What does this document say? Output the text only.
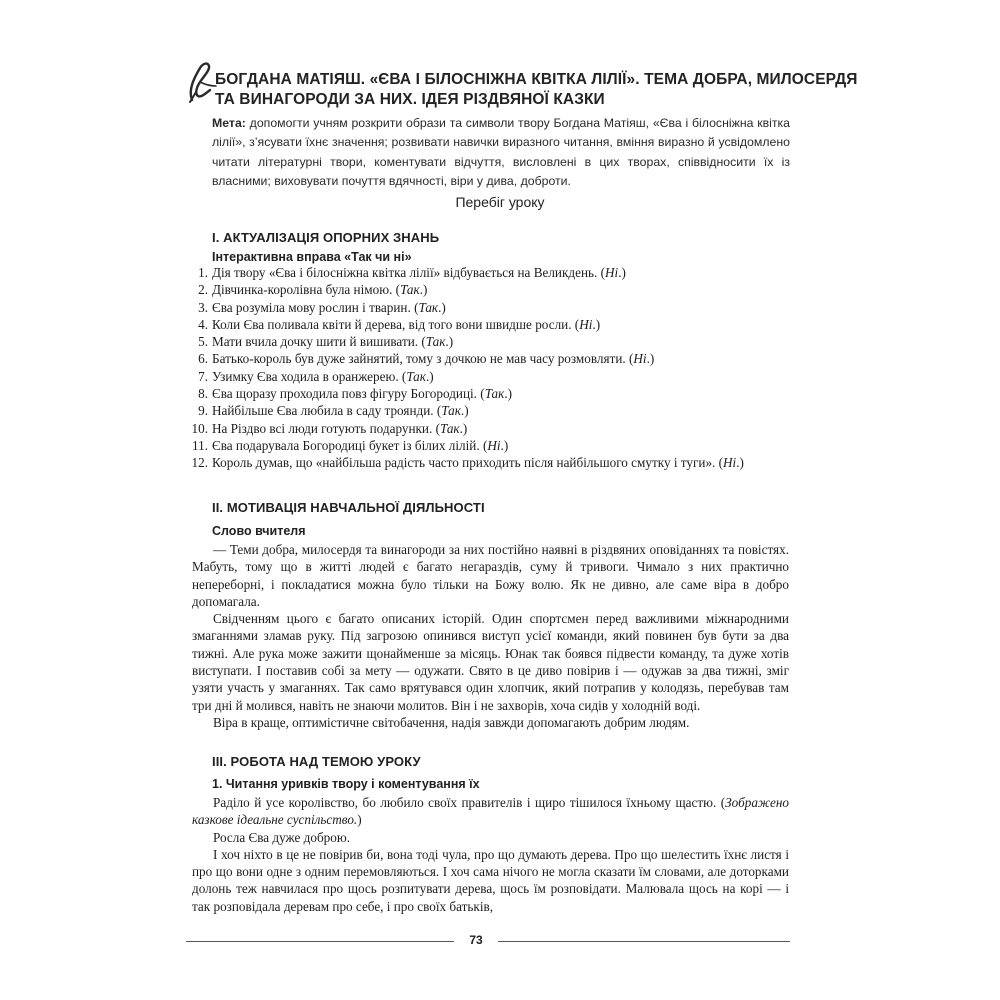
БОГДАНА МАТІЯШ. «ЄВА І БІЛОСНІЖНА КВІТКА ЛІЛІЇ». ТЕМА ДОБРА, МИЛОСЕРДЯ
ТА ВИНАГОРОДИ ЗА НИХ. ІДЕЯ РІЗДВЯНОЇ КАЗКИ

Мета: допомогти учням розкрити образи та символи твору Богдана Матіяш, «Єва і білосніжна квітка лілії», з’ясувати їхнє значення; розвивати навички виразного читання, вміння виразно й усвідомлено читати літературні твори, коментувати відчуття, висловлені в цих творах, співвідносити їх із власними; виховувати почуття вдячності, віри у дива, доброти.

Перебіг уроку
І. АКТУАЛІЗАЦІЯ ОПОРНИХ ЗНАНЬ
Інтерактивна вправа «Так чи ні»
1. Дія твору «Єва і білосніжна квітка лілії» відбувається на Великдень. (Ні.)
2. Дівчинка-королівна була німою. (Так.)
3. Єва розуміла мову рослин і тварин. (Так.)
4. Коли Єва поливала квіти й дерева, від того вони швидше росли. (Ні.)
5. Мати вчила дочку шити й вишивати. (Так.)
6. Батько-король був дуже зайнятий, тому з дочкою не мав часу розмовляти. (Ні.)
7. Узимку Єва ходила в оранжерею. (Так.)
8. Єва щоразу проходила повз фігуру Богородиці. (Так.)
9. Найбільше Єва любила в саду троянди. (Так.)
10. На Різдво всі люди готують подарунки. (Так.)
11. Єва подарувала Богородиці букет із білих лілій. (Ні.)
12. Король думав, що «найбільша радість часто приходить після найбільшого смутку і туги». (Ні.)
ІІ. МОТИВАЦІЯ НАВЧАЛЬНОЇ ДІЯЛЬНОСТІ
Слово вчителя

— Теми добра, милосердя та винагороди за них постійно наявні в різдвяних оповіданнях та повістях. Мабуть, тому що в житті людей є багато негараздів, суму й тривоги. Чимало з них практично непереборні, і покладатися можна було тільки на Божу волю. Як не дивно, але саме віра в добро допомагала.

Свідченням цього є багато описаних історій. Один спортсмен перед важливими міжнародними змаганнями зламав руку. Під загрозою опинився виступ усієї команди, який повинен був бути за два тижні. Але рука може зажити щонайменше за місяць. Юнак так боявся підвести команду, та дуже хотів виступати. І поставив собі за мету — одужати. Свято в це диво повірив і — одужав за два тижні, зміг узяти участь у змаганнях. Так само врятувався один хлопчик, який потрапив у колодязь, перебував там три дні й молився, навіть не знаючи молитов. Він і не захворів, хоча сидів у холодній воді.

Віра в краще, оптимістичне світобачення, надія завжди допомагають добрим людям.

ІІІ. РОБОТА НАД ТЕМОЮ УРОКУ
1. Читання уривків твору і коментування їх

Раділо й усе королівство, бо любило своїх правителів і щиро тішилося їхньому щастю. (Зображено казкове ідеальне суспільство.)

Росла Єва дуже доброю.

І хоч ніхто в це не повірив би, вона тоді чула, про що думають дерева. Про що шелестить їхнє листя і про що вони одне з одним перемовляються. І хоч сама нічого не могла сказати їм словами, але доторками долонь теж навчилася про щось розпитувати дерева, щось їм розповідати. Малювала щось на корі — і так розповідала деревам про себе, і про своїх батьків,

73
